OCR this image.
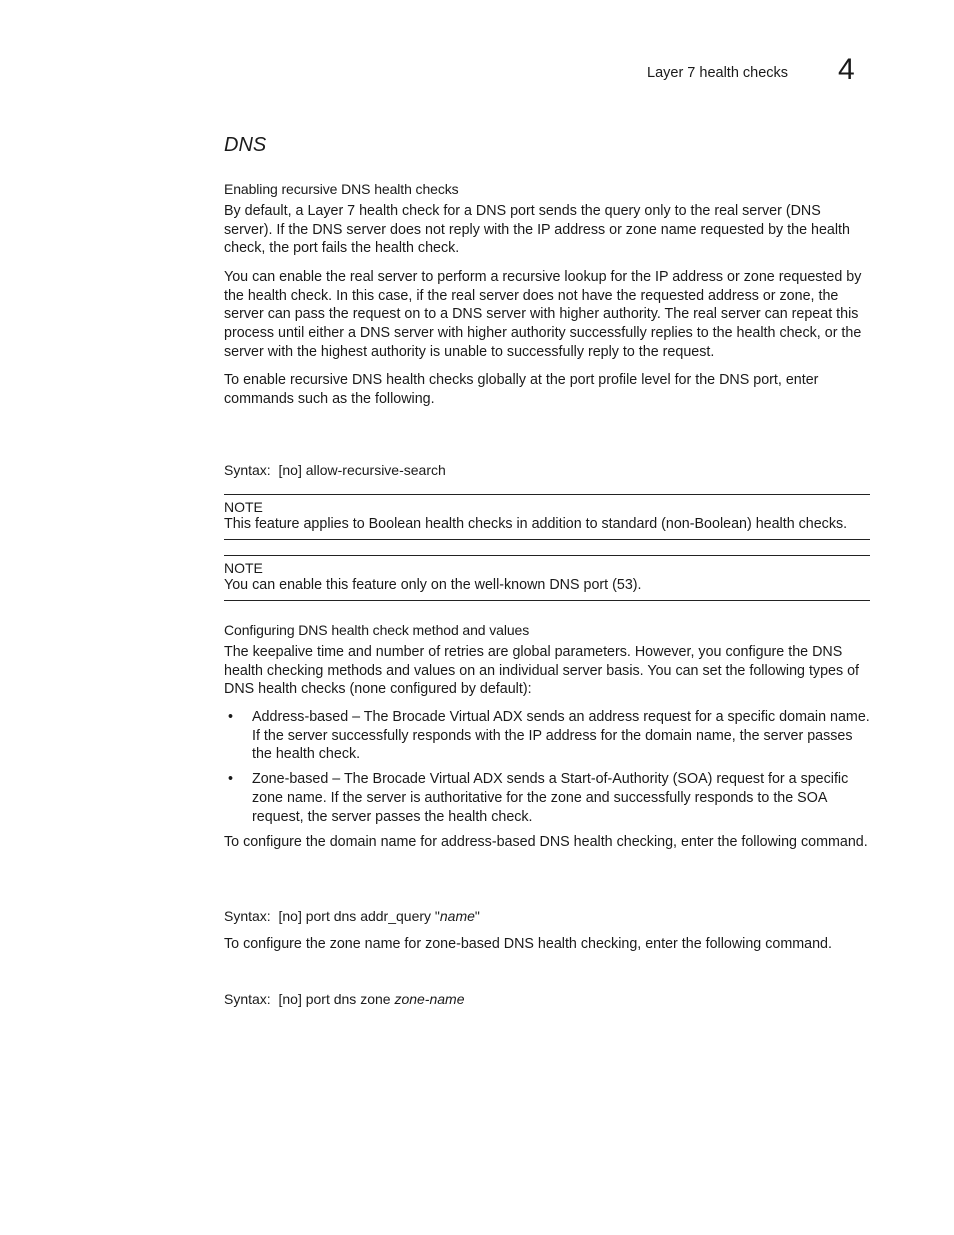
Layer 7 health checks 4
DNS
Enabling recursive DNS health checks

By default, a Layer 7 health check for a DNS port sends the query only to the real server (DNS server). If the DNS server does not reply with the IP address or zone name requested by the health check, the port fails the health check.

You can enable the real server to perform a recursive lookup for the IP address or zone requested by the health check. In this case, if the real server does not have the requested address or zone, the server can pass the request on to a DNS server with higher authority. The real server can repeat this process until either a DNS server with higher authority successfully replies to the health check, or the server with the highest authority is unable to successfully reply to the request.

To enable recursive DNS health checks globally at the port profile level for the DNS port, enter commands such as the following.

Syntax: [no] allow-recursive-search
NOTE
This feature applies to Boolean health checks in addition to standard (non-Boolean) health checks.
NOTE
You can enable this feature only on the well-known DNS port (53).
Configuring DNS health check method and values

The keepalive time and number of retries are global parameters. However, you configure the DNS health checking methods and values on an individual server basis. You can set the following types of DNS health checks (none configured by default):

• Address-based – The Brocade Virtual ADX sends an address request for a specific domain name. If the server successfully responds with the IP address for the domain name, the server passes the health check.
• Zone-based – The Brocade Virtual ADX sends a Start-of-Authority (SOA) request for a specific zone name. If the server is authoritative for the zone and successfully responds to the SOA request, the server passes the health check.

To configure the domain name for address-based DNS health checking, enter the following command.

Syntax: [no] port dns addr_query "name"

To configure the zone name for zone-based DNS health checking, enter the following command.

Syntax: [no] port dns zone zone-name
